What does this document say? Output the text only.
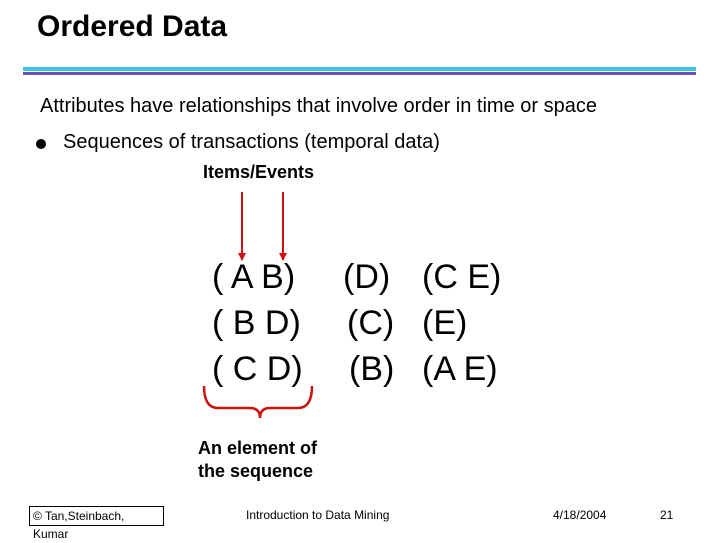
Ordered Data
Attributes have relationships that involve order in time or space
Sequences of transactions (temporal data)
Items/Events

( A B)

(D)

(C E)

( B D)

(C)

(E)

( C D)

(B)

(A E)

An element of
the sequence
© Tan,Steinbach, Kumar
Introduction to Data Mining	4/18/2004	21
